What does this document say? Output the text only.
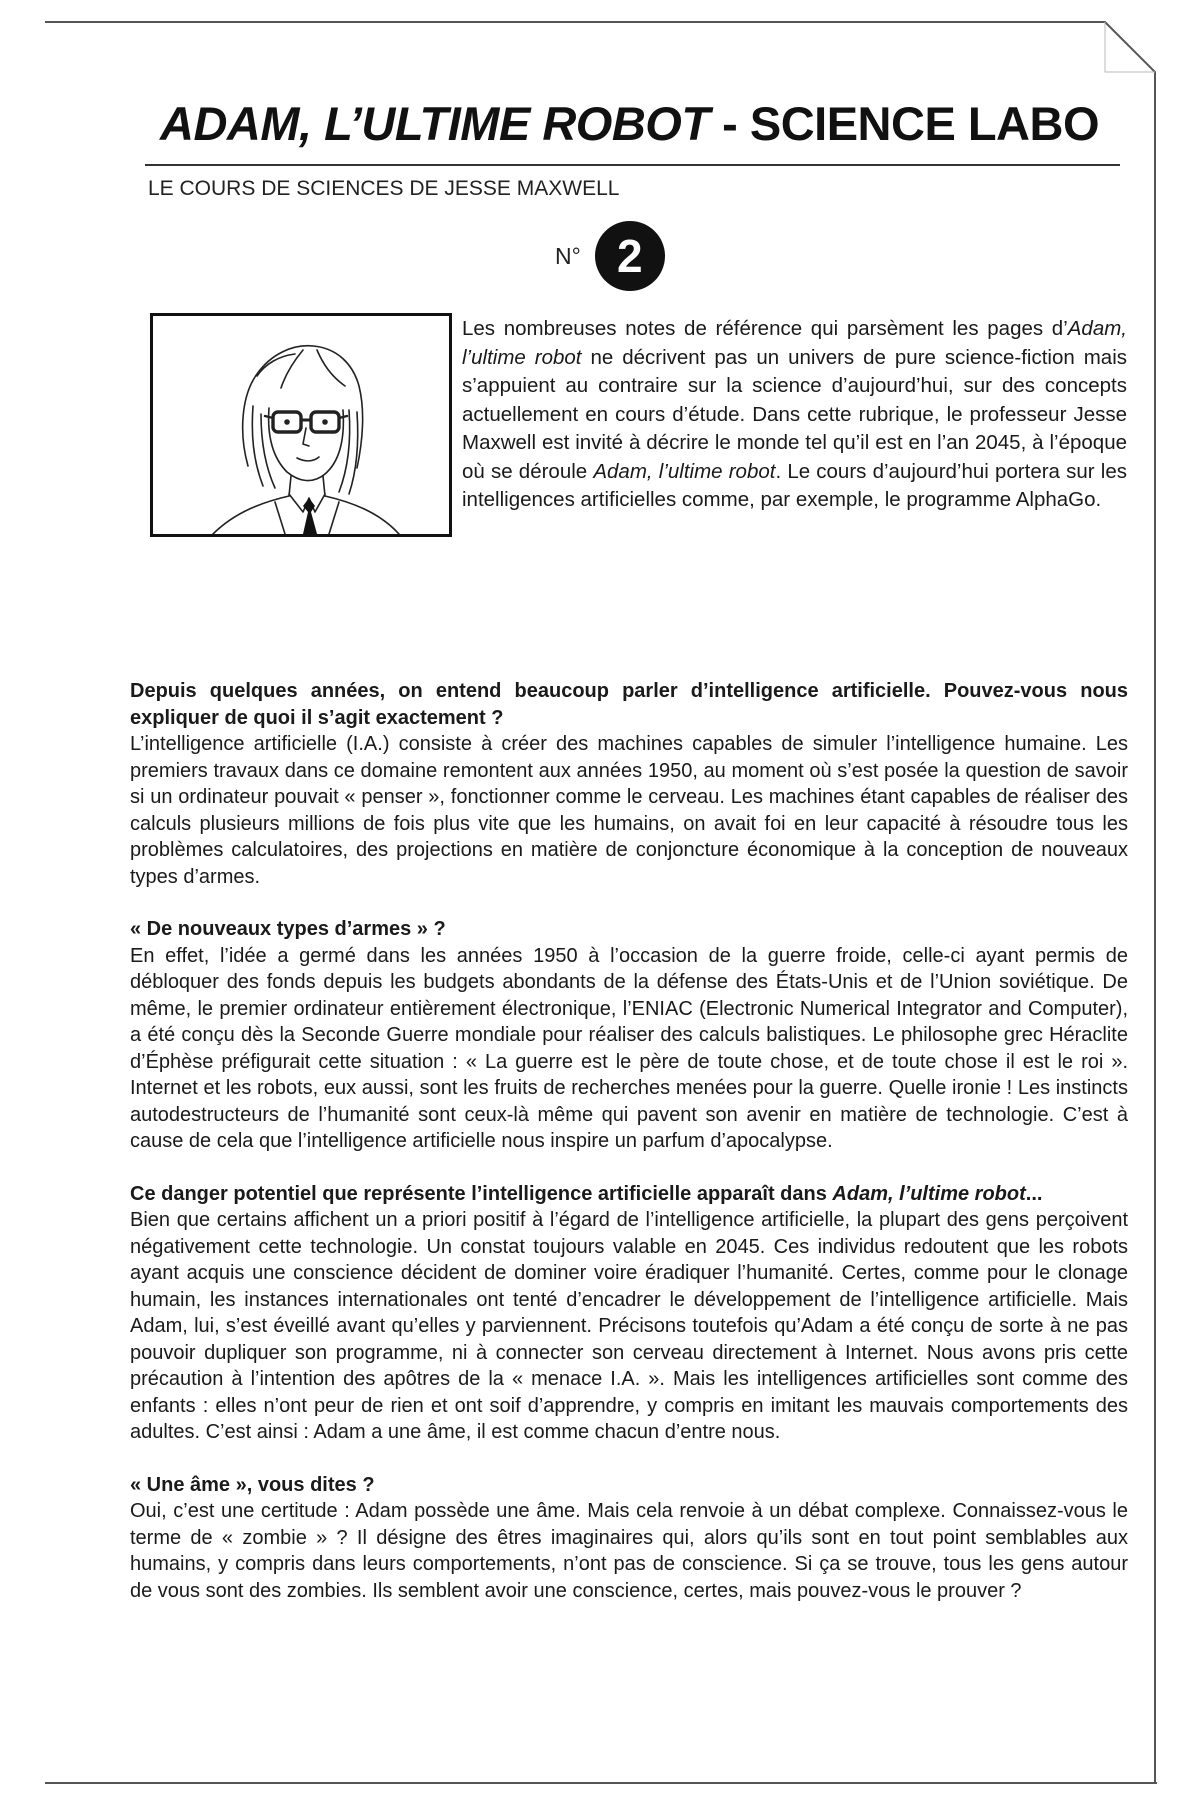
ADAM, L’ULTIME ROBOT - SCIENCE LABO
LE COURS DE SCIENCES DE JESSE MAXWELL
N° 2
Les nombreuses notes de référence qui parsèment les pages d’Adam, l’ultime robot ne décrivent pas un univers de pure science-fiction mais s’appuient au contraire sur la science d’aujourd’hui, sur des concepts actuellement en cours d’étude. Dans cette rubrique, le professeur Jesse Maxwell est invité à décrire le monde tel qu’il est en l’an 2045, à l’époque où se déroule Adam, l’ultime robot. Le cours d’aujourd’hui portera sur les intelligences artificielles comme, par exemple, le programme AlphaGo.
Depuis quelques années, on entend beaucoup parler d’intelligence artificielle. Pouvez-vous nous expliquer de quoi il s’agit exactement ?
L’intelligence artificielle (I.A.) consiste à créer des machines capables de simuler l’intelligence humaine. Les premiers travaux dans ce domaine remontent aux années 1950, au moment où s’est posée la question de savoir si un ordinateur pouvait « penser », fonctionner comme le cerveau. Les machines étant capables de réaliser des calculs plusieurs millions de fois plus vite que les humains, on avait foi en leur capacité à résoudre tous les problèmes calculatoires, des projections en matière de conjoncture économique à la conception de nouveaux types d’armes.
« De nouveaux types d’armes » ?
En effet, l’idée a germé dans les années 1950 à l’occasion de la guerre froide, celle-ci ayant permis de débloquer des fonds depuis les budgets abondants de la défense des États-Unis et de l’Union soviétique. De même, le premier ordinateur entièrement électronique, l’ENIAC (Electronic Numerical Integrator and Computer), a été conçu dès la Seconde Guerre mondiale pour réaliser des calculs balistiques. Le philosophe grec Héraclite d’Éphèse préfigurait cette situation : « La guerre est le père de toute chose, et de toute chose il est le roi ». Internet et les robots, eux aussi, sont les fruits de recherches menées pour la guerre. Quelle ironie ! Les instincts autodestructeurs de l’humanité sont ceux-là même qui pavent son avenir en matière de technologie. C’est à cause de cela que l’intelligence artificielle nous inspire un parfum d’apocalypse.
Ce danger potentiel que représente l’intelligence artificielle apparaît dans Adam, l’ultime robot...
Bien que certains affichent un a priori positif à l’égard de l’intelligence artificielle, la plupart des gens perçoivent négativement cette technologie. Un constat toujours valable en 2045. Ces individus redoutent que les robots ayant acquis une conscience décident de dominer voire éradiquer l’humanité. Certes, comme pour le clonage humain, les instances internationales ont tenté d’encadrer le développement de l’intelligence artificielle. Mais Adam, lui, s’est éveillé avant qu’elles y parviennent. Précisons toutefois qu’Adam a été conçu de sorte à ne pas pouvoir dupliquer son programme, ni à connecter son cerveau directement à Internet. Nous avons pris cette précaution à l’intention des apôtres de la « menace I.A. ». Mais les intelligences artificielles sont comme des enfants : elles n’ont peur de rien et ont soif d’apprendre, y compris en imitant les mauvais comportements des adultes. C’est ainsi : Adam a une âme, il est comme chacun d’entre nous.
« Une âme », vous dites ?
Oui, c’est une certitude : Adam possède une âme. Mais cela renvoie à un débat complexe. Connaissez-vous le terme de « zombie » ? Il désigne des êtres imaginaires qui, alors qu’ils sont en tout point semblables aux humains, y compris dans leurs comportements, n’ont pas de conscience. Si ça se trouve, tous les gens autour de vous sont des zombies. Ils semblent avoir une conscience, certes, mais pouvez-vous le prouver ?
